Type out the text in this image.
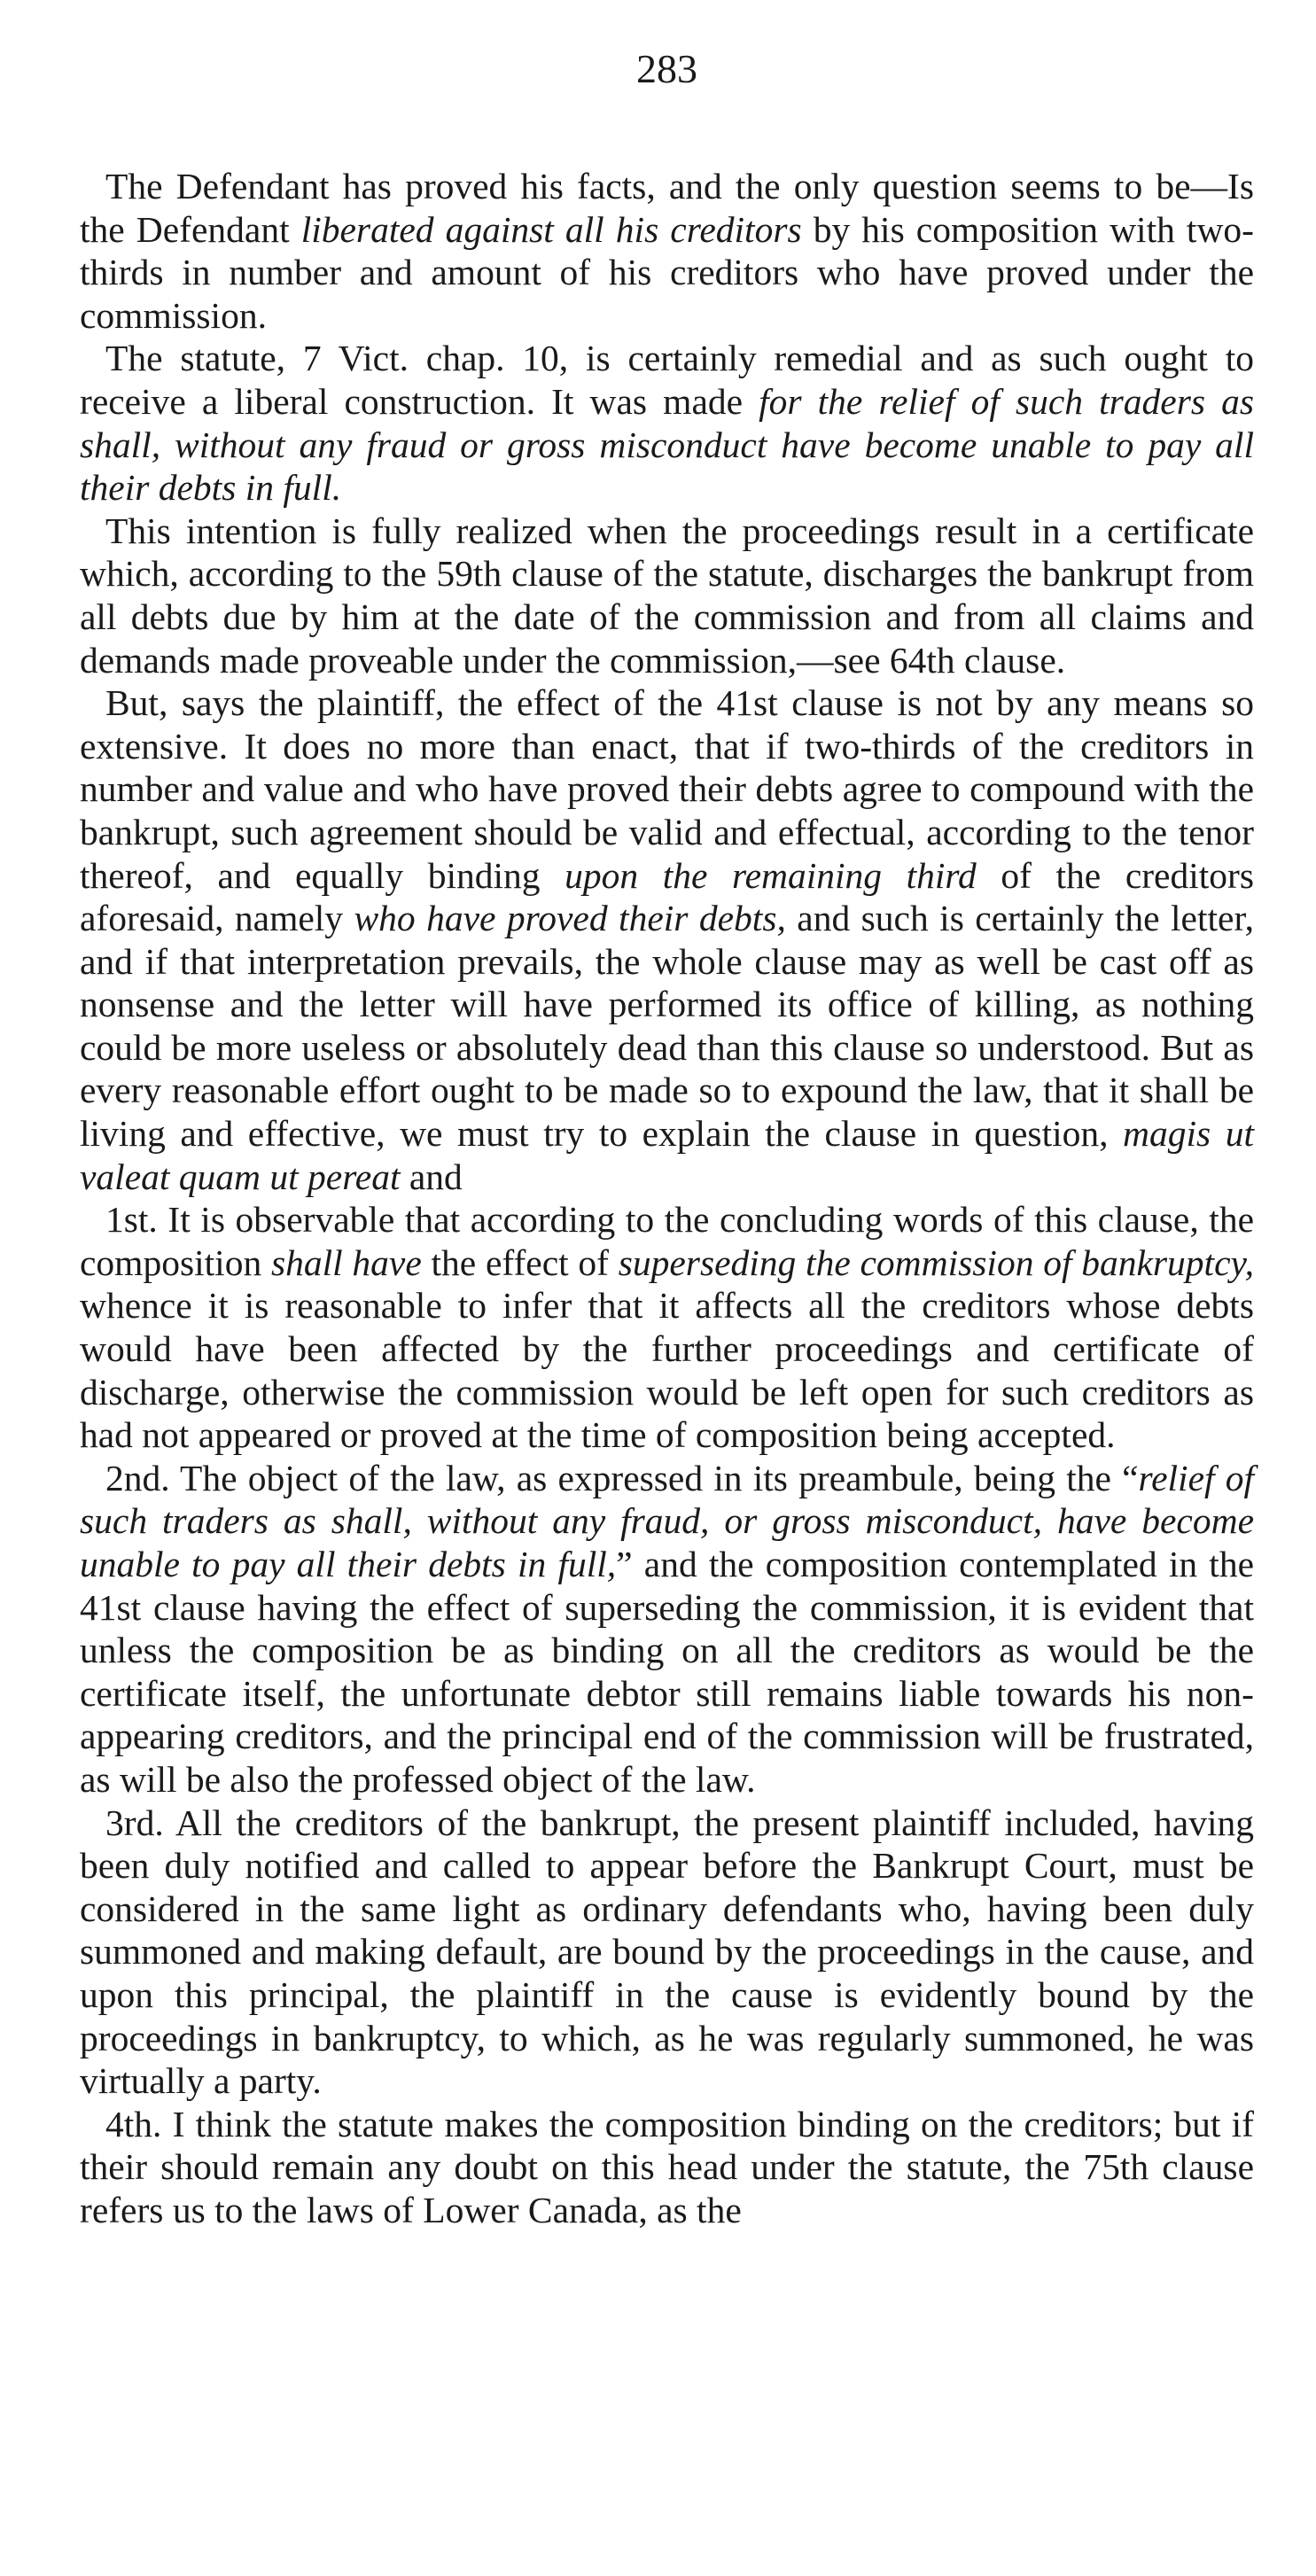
283

The Defendant has proved his facts, and the only question seems to be—Is the Defendant liberated against all his creditors by his composition with two-thirds in number and amount of his creditors who have proved under the commission.

The statute, 7 Vict. chap. 10, is certainly remedial and as such ought to receive a liberal construction. It was made for the relief of such traders as shall, without any fraud or gross misconduct have become unable to pay all their debts in full.

This intention is fully realized when the proceedings result in a certificate which, according to the 59th clause of the statute, discharges the bankrupt from all debts due by him at the date of the commission and from all claims and demands made proveable under the commission,—see 64th clause.

But, says the plaintiff, the effect of the 41st clause is not by any means so extensive. It does no more than enact, that if two-thirds of the creditors in number and value and who have proved their debts agree to compound with the bankrupt, such agreement should be valid and effectual, according to the tenor thereof, and equally binding upon the remaining third of the creditors aforesaid, namely who have proved their debts, and such is certainly the letter, and if that interpretation prevails, the whole clause may as well be cast off as nonsense and the letter will have performed its office of killing, as nothing could be more useless or absolutely dead than this clause so understood. But as every reasonable effort ought to be made so to expound the law, that it shall be living and effective, we must try to explain the clause in question, magis ut valeat quam ut pereat and

1st. It is observable that according to the concluding words of this clause, the composition shall have the effect of superseding the commission of bankruptcy, whence it is reasonable to infer that it affects all the creditors whose debts would have been affected by the further proceedings and certificate of discharge, otherwise the commission would be left open for such creditors as had not appeared or proved at the time of composition being accepted.

2nd. The object of the law, as expressed in its preambule, being the “relief of such traders as shall, without any fraud, or gross misconduct, have become unable to pay all their debts in full,” and the composition contemplated in the 41st clause having the effect of superseding the commission, it is evident that unless the composition be as binding on all the creditors as would be the certificate itself, the unfortunate debtor still remains liable towards his non-appearing creditors, and the principal end of the commission will be frustrated, as will be also the professed object of the law.

3rd. All the creditors of the bankrupt, the present plaintiff included, having been duly notified and called to appear before the Bankrupt Court, must be considered in the same light as ordinary defendants who, having been duly summoned and making default, are bound by the proceedings in the cause, and upon this principal, the plaintiff in the cause is evidently bound by the proceedings in bankruptcy, to which, as he was regularly summoned, he was virtually a party.

4th. I think the statute makes the composition binding on the creditors; but if their should remain any doubt on this head under the statute, the 75th clause refers us to the laws of Lower Canada, as the
